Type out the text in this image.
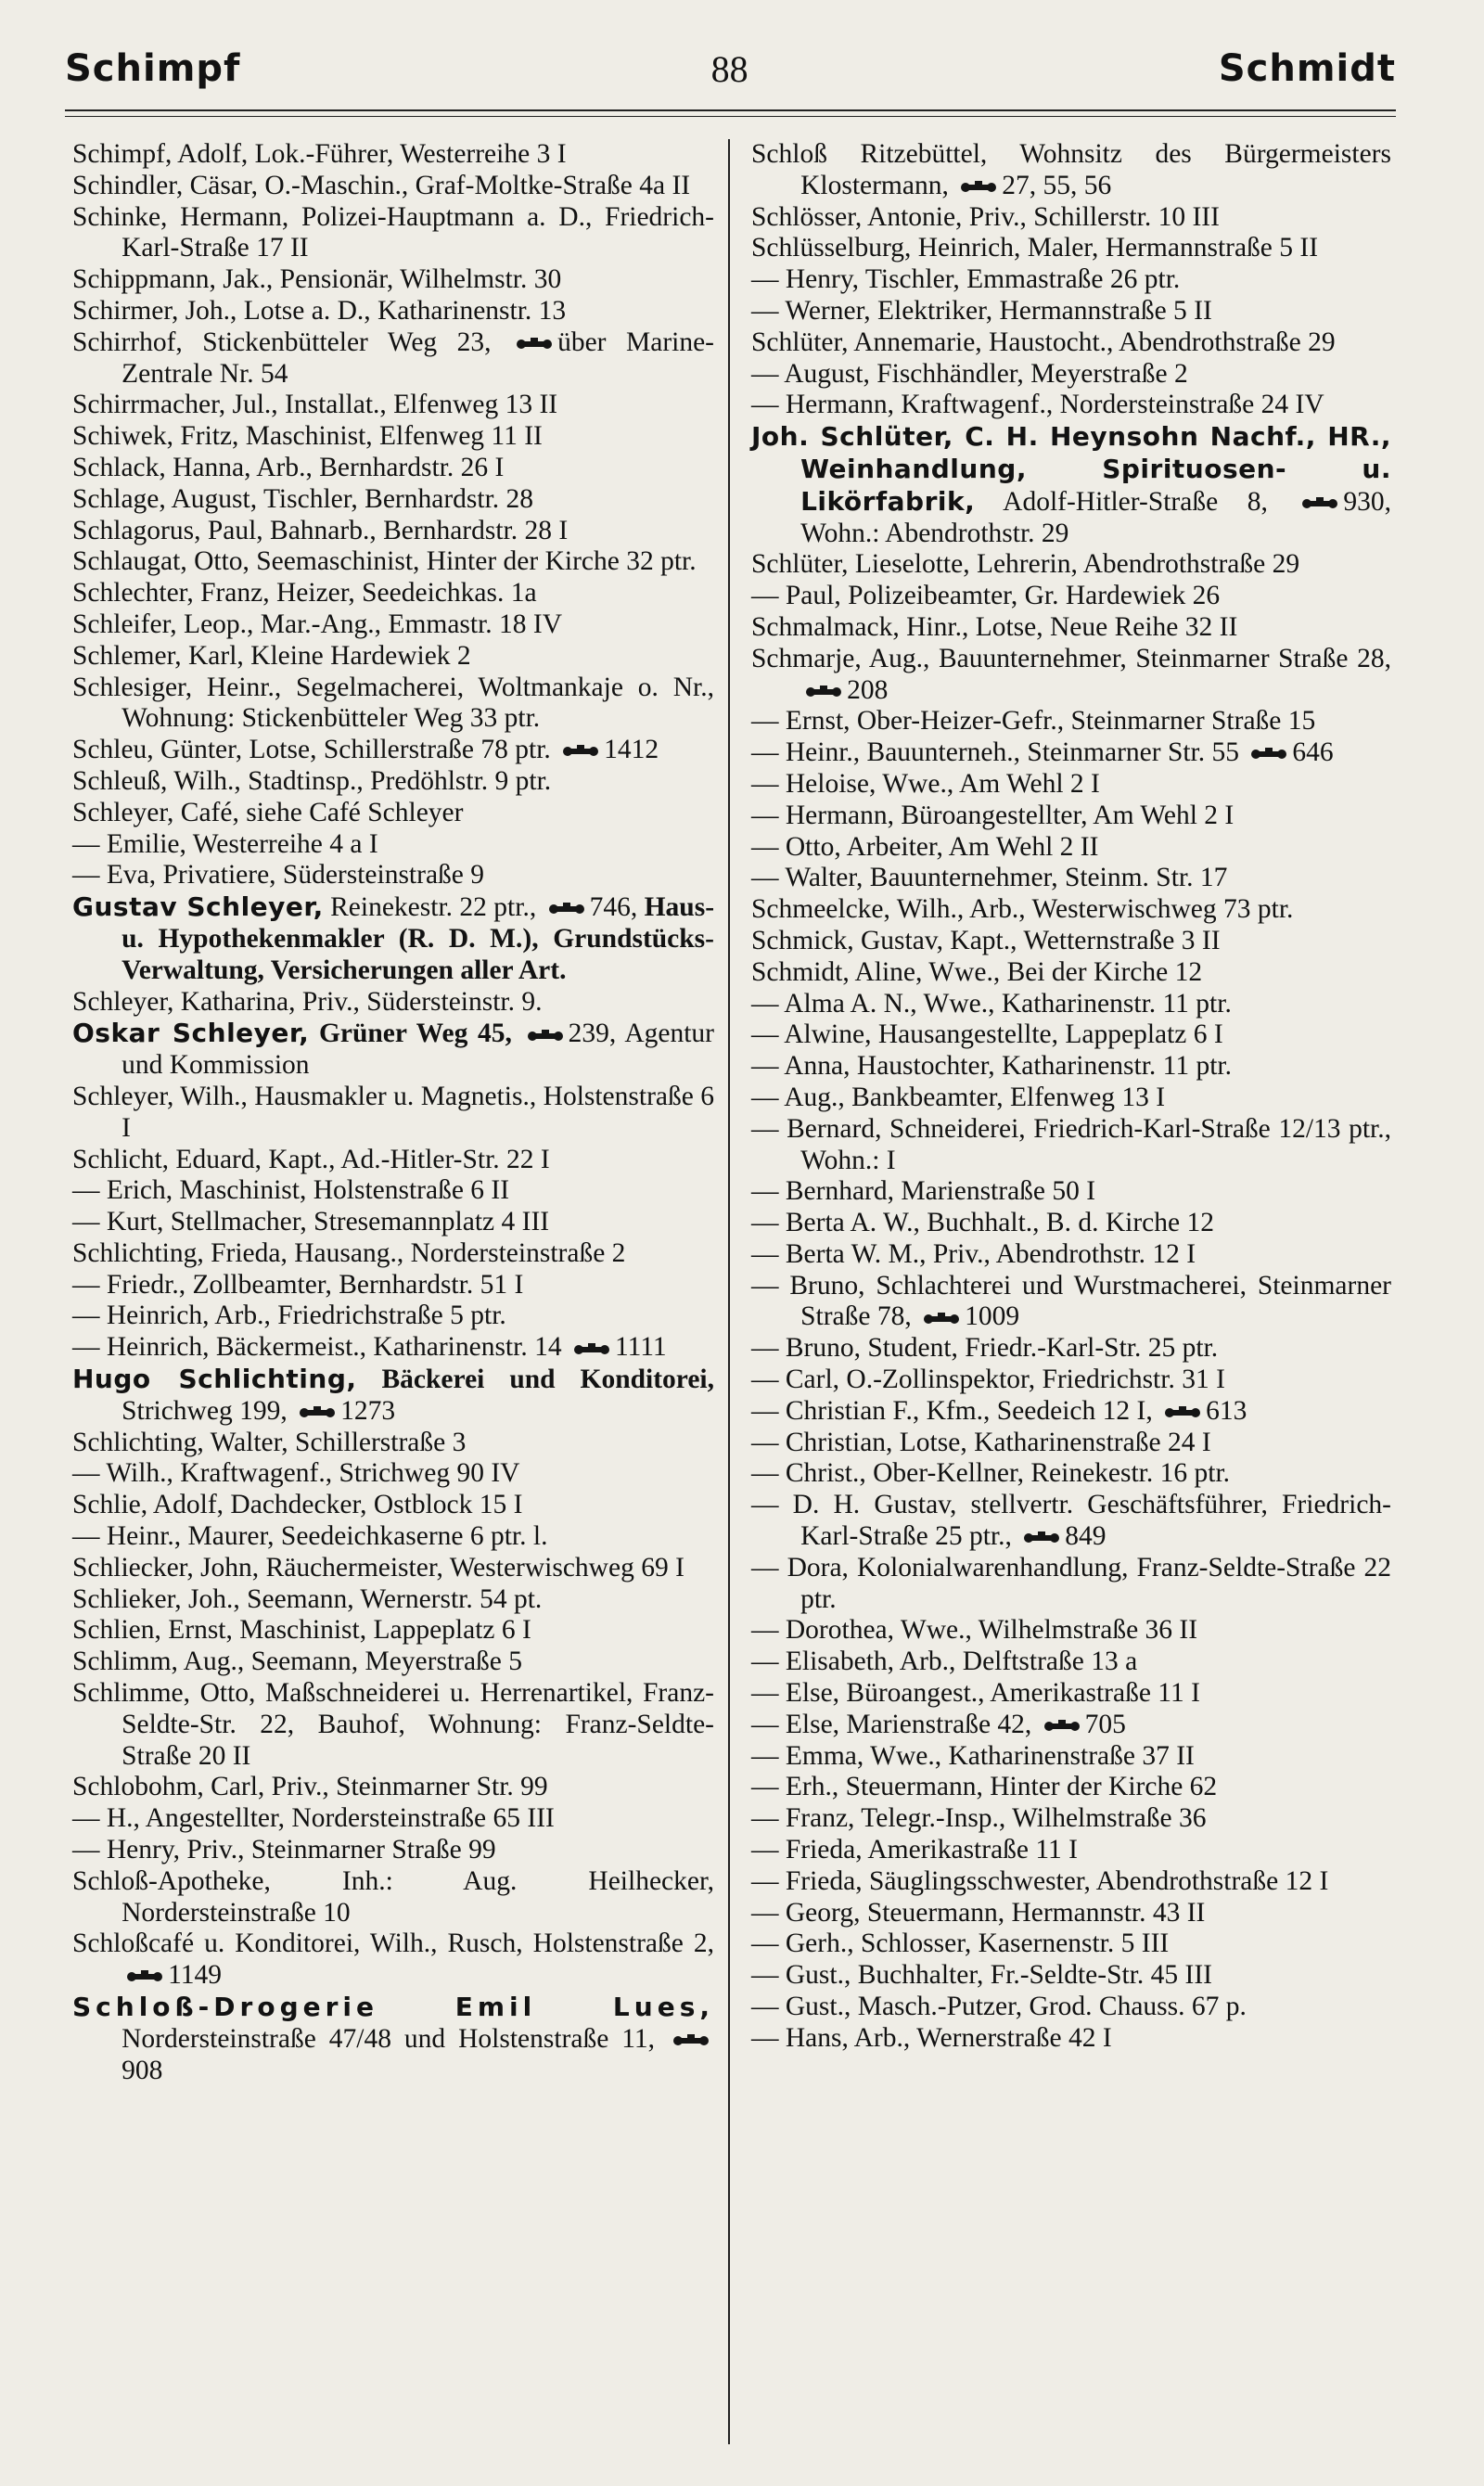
Schimpf	88	Schmidt
Schimpf, Adolf, Lok.-Führer, Westerreihe 3 I
Schindler, Cäsar, O.-Maschin., Graf-Moltke-Straße 4a II
Schinke, Hermann, Polizei-Hauptmann a. D., Friedrich-Karl-Straße 17 II
Schippmann, Jak., Pensionär, Wilhelmstr. 30
Schirmer, Joh., Lotse a. D., Katharinenstr. 13
Schirrhof, Stickenbütteler Weg 23, über Marine-Zentrale Nr. 54
Schirrmacher, Jul., Installat., Elfenweg 13 II
Schiwek, Fritz, Maschinist, Elfenweg 11 II
Schlack, Hanna, Arb., Bernhardstr. 26 I
Schlage, August, Tischler, Bernhardstr. 28
Schlagorus, Paul, Bahnarb., Bernhardstr. 28 I
Schlaugat, Otto, Seemaschinist, Hinter der Kirche 32 ptr.
Schlechter, Franz, Heizer, Seedeichkas. 1a
Schleifer, Leop., Mar.-Ang., Emmastr. 18 IV
Schlemer, Karl, Kleine Hardewiek 2
Schlesiger, Heinr., Segelmacherei, Woltmankaje o. Nr., Wohnung: Stickenbütteler Weg 33 ptr.
Schleu, Günter, Lotse, Schillerstraße 78 ptr. 1412
Schleuß, Wilh., Stadtinsp., Predöhlstr. 9 ptr.
Schleyer, Café, siehe Café Schleyer
— Emilie, Westerreihe 4 a I
— Eva, Privatiere, Südersteinstraße 9
Gustav Schleyer, Reinekestr. 22 ptr., 746, Haus- u. Hypothekenmakler (R. D. M.), Grundstücks-Verwaltung, Versicherungen aller Art.
Schleyer, Katharina, Priv., Südersteinstr. 9.
Oskar Schleyer, Grüner Weg 45, 239, Agentur und Kommission
Schleyer, Wilh., Hausmakler u. Magnetis., Holstenstraße 6 I
Schlicht, Eduard, Kapt., Ad.-Hitler-Str. 22 I
— Erich, Maschinist, Holstenstraße 6 II
— Kurt, Stellmacher, Stresemannplatz 4 III
Schlichting, Frieda, Hausang., Nordersteinstraße 2
— Friedr., Zollbeamter, Bernhardstr. 51 I
— Heinrich, Arb., Friedrichstraße 5 ptr.
— Heinrich, Bäckermeist., Katharinenstr. 14 1111
Hugo Schlichting, Bäckerei und Konditorei, Strichweg 199, 1273
Schlichting, Walter, Schillerstraße 3
— Wilh., Kraftwagenf., Strichweg 90 IV
Schlie, Adolf, Dachdecker, Ostblock 15 I
— Heinr., Maurer, Seedeichkaserne 6 ptr. l.
Schliecker, John, Räuchermeister, Westerwischweg 69 I
Schlieker, Joh., Seemann, Wernerstr. 54 pt.
Schlien, Ernst, Maschinist, Lappeplatz 6 I
Schlimm, Aug., Seemann, Meyerstraße 5
Schlimme, Otto, Maßschneiderei u. Herrenartikel, Franz-Seldte-Str. 22, Bauhof, Wohnung: Franz-Seldte-Straße 20 II
Schlobohm, Carl, Priv., Steinmarner Str. 99
— H., Angestellter, Nordersteinstraße 65 III
— Henry, Priv., Steinmarner Straße 99
Schloß-Apotheke, Inh.: Aug. Heilhecker, Nordersteinstraße 10
Schloßcafé u. Konditorei, Wilh., Rusch, Holstenstraße 2,
1149
Schloß-Drogerie Emil Lues, Nordersteinstraße 47/48 und Holstenstraße 11,
908
Schloß Ritzebüttel, Wohnsitz des Bürgermeisters Klostermann, 27, 55, 56
Schlösser, Antonie, Priv., Schillerstr. 10 III
Schlüsselburg, Heinrich, Maler, Hermannstraße 5 II
— Henry, Tischler, Emmastraße 26 ptr.
— Werner, Elektriker, Hermannstraße 5 II
Schlüter, Annemarie, Haustocht., Abendrothstraße 29
— August, Fischhändler, Meyerstraße 2
— Hermann, Kraftwagenf., Nordersteinstraße 24 IV
Joh. Schlüter, C. H. Heynsohn Nachf., HR., Weinhandlung, Spirituosen- u. Likörfabrik, Adolf-Hitler-Straße 8,	930, Wohn.: Abendrothstr. 29
Schlüter, Lieselotte, Lehrerin, Abendrothstraße 29
— Paul, Polizeibeamter, Gr. Hardewiek 26
Schmalmack, Hinr., Lotse, Neue Reihe 32 II
Schmarje, Aug., Bauunternehmer, Steinmarner Straße 28,
208
— Ernst, Ober-Heizer-Gefr., Steinmarner Straße 15
— Heinr., Bauunterneh., Steinmarner Str. 55 646
— Heloise, Wwe., Am Wehl 2 I
— Hermann, Büroangestellter, Am Wehl 2 I
— Otto, Arbeiter, Am Wehl 2 II
— Walter, Bauunternehmer, Steinm. Str. 17
Schmeelcke, Wilh., Arb., Westerwischweg 73 ptr.
Schmick, Gustav, Kapt., Wetternstraße 3 II
Schmidt, Aline, Wwe., Bei der Kirche 12
— Alma A. N., Wwe., Katharinenstr. 11 ptr.
— Alwine, Hausangestellte, Lappeplatz 6 I
— Anna, Haustochter, Katharinenstr. 11 ptr.
— Aug., Bankbeamter, Elfenweg 13 I
— Bernard, Schneiderei, Friedrich-Karl-Straße 12/13 ptr., Wohn.: I
— Bernhard, Marienstraße 50 I
— Berta A. W., Buchhalt., B. d. Kirche 12
— Berta W. M., Priv., Abendrothstr. 12 I
— Bruno, Schlachterei und Wurstmacherei, Steinmarner Straße 78, 1009
— Bruno, Student, Friedr.-Karl-Str. 25 ptr.
— Carl, O.-Zollinspektor, Friedrichstr. 31 I
— Christian F., Kfm., Seedeich 12 I, 613
— Christian, Lotse, Katharinenstraße 24 I
— Christ., Ober-Kellner, Reinekestr. 16 ptr.
— D. H. Gustav, stellvertr. Geschäftsführer, Friedrich-Karl-Straße 25 ptr., 849
— Dora, Kolonialwarenhandlung, Franz-Seldte-Straße 22 ptr.
— Dorothea, Wwe., Wilhelmstraße 36 II
— Elisabeth, Arb., Delftstraße 13 a
— Else, Büroangest., Amerikastraße 11 I
— Else, Marienstraße 42, 705
— Emma, Wwe., Katharinenstraße 37 II
— Erh., Steuermann, Hinter der Kirche 62
— Franz, Telegr.-Insp., Wilhelmstraße 36
— Frieda, Amerikastraße 11 I
— Frieda, Säuglingsschwester, Abendrothstraße 12 I
— Georg, Steuermann, Hermannstr. 43 II
— Gerh., Schlosser, Kasernenstr. 5 III
— Gust., Buchhalter, Fr.-Seldte-Str. 45 III
— Gust., Masch.-Putzer, Grod. Chauss. 67 p.
— Hans, Arb., Wernerstraße 42 I
